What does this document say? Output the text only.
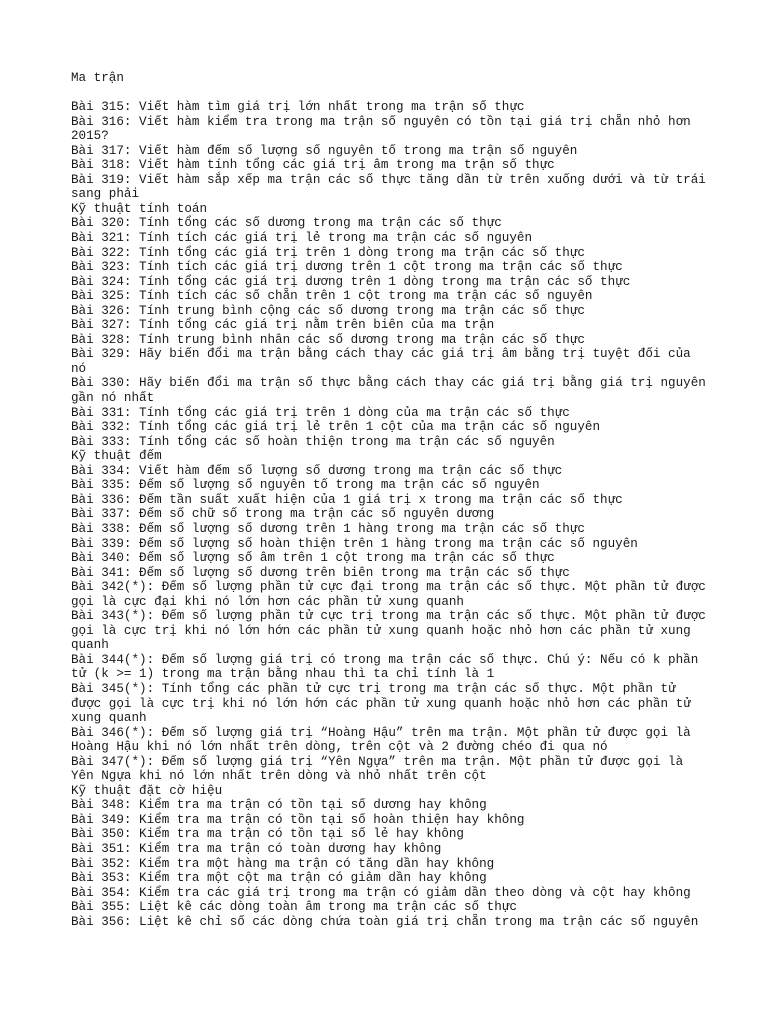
Ma trận
Bài 315: Viết hàm tìm giá trị lớn nhất trong ma trận số thực
Bài 316: Viết hàm kiểm tra trong ma trận số nguyên có tồn tại giá trị chẵn nhỏ hơn 2015?
Bài 317: Viết hàm đếm số lượng số nguyên tố trong ma trận số nguyên
Bài 318: Viết hàm tính tổng các giá trị âm trong ma trận số thực
Bài 319: Viết hàm sắp xếp ma trận các số thực tăng dần từ trên xuống dưới và từ trái sang phải
Kỹ thuật tính toán
Bài 320: Tính tổng các số dương trong ma trận các số thực
Bài 321: Tính tích các giá trị lẻ trong ma trận các số nguyên
Bài 322: Tính tổng các giá trị trên 1 dòng trong ma trận các số thực
Bài 323: Tính tích các giá trị dương trên 1 cột trong ma trận các số thực
Bài 324: Tính tổng các giá trị dương trên 1 dòng trong ma trận các số thực
Bài 325: Tính tích các số chẵn trên 1 cột trong ma trận các số nguyên
Bài 326: Tính trung bình cộng các số dương trong ma trận các số thực
Bài 327: Tính tổng các giá trị nằm trên biên của ma trận
Bài 328: Tính trung bình nhân các số dương trong ma trận các số thực
Bài 329: Hãy biến đổi ma trận bằng cách thay các giá trị âm bằng trị tuyệt đối của nó
Bài 330: Hãy biến đổi ma trận số thực bằng cách thay các giá trị bằng giá trị nguyên gần nó nhất
Bài 331: Tính tổng các giá trị trên 1 dòng của ma trận các số thực
Bài 332: Tính tổng các giá trị lẻ trên 1 cột của ma trận các số nguyên
Bài 333: Tính tổng các số hoàn thiện trong ma trận các số nguyên
Kỹ thuật đếm
Bài 334: Viết hàm đếm số lượng số dương trong ma trận các số thực
Bài 335: Đếm số lượng số nguyên tố trong ma trận các số nguyên
Bài 336: Đếm tần suất xuất hiện của 1 giá trị x trong ma trận các số thực
Bài 337: Đếm số chữ số trong ma trận các số nguyên dương
Bài 338: Đếm số lượng số dương trên 1 hàng trong ma trận các số thực
Bài 339: Đếm số lượng số hoàn thiện trên 1 hàng trong ma trận các số nguyên
Bài 340: Đếm số lượng số âm trên 1 cột trong ma trận các số thực
Bài 341: Đếm số lượng số dương trên biên trong ma trận các số thực
Bài 342(*): Đếm số lượng phần tử cực đại trong ma trận các số thực. Một phần tử được gọi là cực đại khi nó lớn hơn các phần tử xung quanh
Bài 343(*): Đếm số lượng phần tử cực trị trong ma trận các số thực. Một phần tử được gọi là cực trị khi nó lớn hớn các phần tử xung quanh hoặc nhỏ hơn các phần tử xung quanh
Bài 344(*): Đếm số lượng giá trị có trong ma trận các số thực. Chú ý: Nếu có k phần tử (k >= 1) trong ma trận bằng nhau thì ta chỉ tính là 1
Bài 345(*): Tính tổng các phần tử cực trị trong ma trận các số thực. Một phần tử được gọi là cực trị khi nó lớn hớn các phần tử xung quanh hoặc nhỏ hơn các phần tử xung quanh
Bài 346(*): Đếm số lượng giá trị “Hoàng Hậu” trên ma trận. Một phần tử được gọi là Hoàng Hậu khi nó lớn nhất trên dòng, trên cột và 2 đường chéo đi qua nó
Bài 347(*): Đếm số lượng giá trị “Yên Ngựa” trên ma trận. Một phần tử được gọi là Yên Ngựa khi nó lớn nhất trên dòng và nhỏ nhất trên cột
Kỹ thuật đặt cờ hiệu
Bài 348: Kiểm tra ma trận có tồn tại số dương hay không
Bài 349: Kiểm tra ma trận có tồn tại số hoàn thiện hay không
Bài 350: Kiểm tra ma trận có tồn tại số lẻ hay không
Bài 351: Kiểm tra ma trận có toàn dương hay không
Bài 352: Kiểm tra một hàng ma trận có tăng dần hay không
Bài 353: Kiểm tra một cột ma trận có giảm dần hay không
Bài 354: Kiểm tra các giá trị trong ma trận có giảm dần theo dòng và cột hay không
Bài 355: Liệt kê các dòng toàn âm trong ma trận các số thực
Bài 356: Liệt kê chỉ số các dòng chứa toàn giá trị chẵn trong ma trận các số nguyên
